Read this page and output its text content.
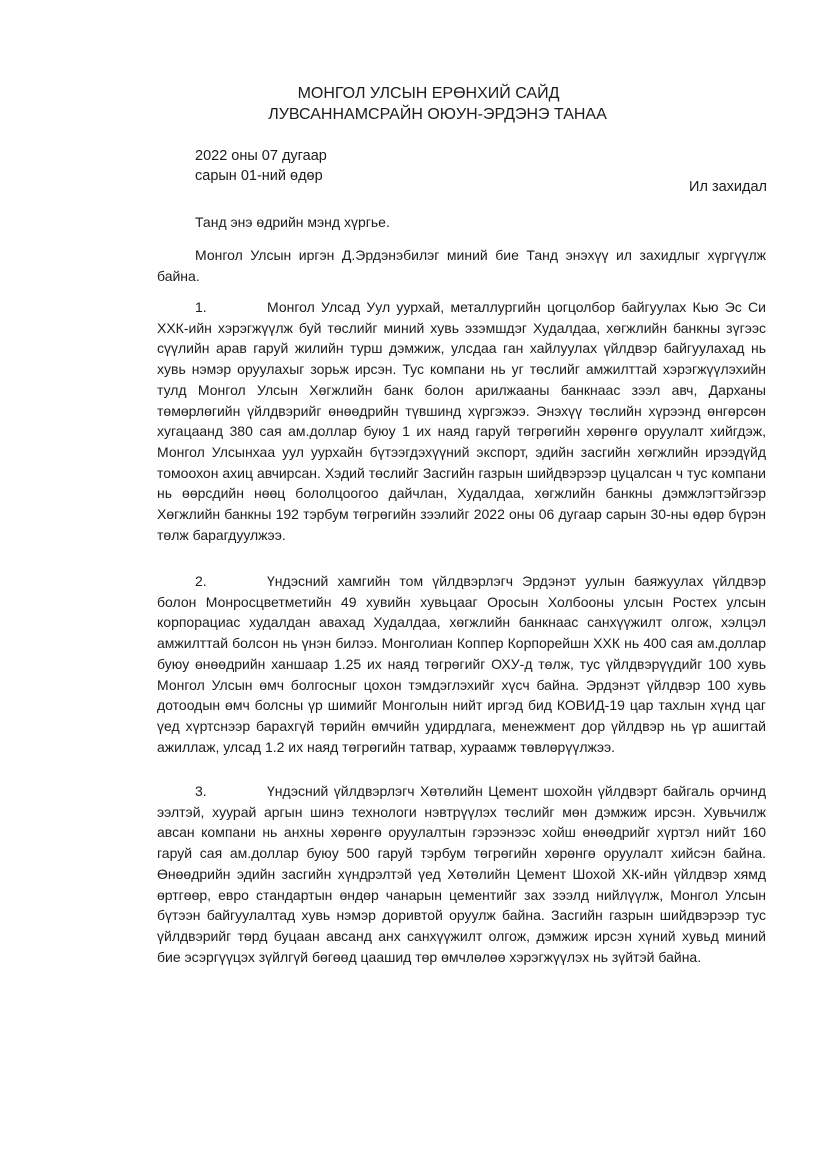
МОНГОЛ УЛСЫН ЕРӨНХИЙ САЙД
ЛУВСАННАМСРАЙН ОЮУН-ЭРДЭНЭ ТАНАА
2022 оны 07 дугаар
сарын 01-ний өдөр
Ил захидал
Танд энэ өдрийн мэнд хүргье.
Монгол Улсын иргэн Д.Эрдэнэбилэг миний бие Танд энэхүү ил захидлыг хүргүүлж байна.
1.	Монгол Улсад Уул уурхай, металлургийн цогцолбор байгуулах Кью Эс Си ХХК-ийн хэрэгжүүлж буй төслийг миний хувь эзэмшдэг Худалдаа, хөгжлийн банкны зүгээс сүүлийн арав гаруй жилийн турш дэмжиж, улсдаа ган хайлуулах үйлдвэр байгуулахад нь хувь нэмэр оруулахыг зорьж ирсэн. Тус компани нь уг төслийг амжилттай хэрэгжүүлэхийн тулд Монгол Улсын Хөгжлийн банк болон арилжааны банкнаас зээл авч, Дарханы төмөрлөгийн үйлдвэрийг өнөөдрийн түвшинд хүргэжээ. Энэхүү төслийн хүрээнд өнгөрсөн хугацаанд 380 сая ам.доллар буюу 1 их наяд гаруй төгрөгийн хөрөнгө оруулалт хийгдэж, Монгол Улсынхаа уул уурхайн бүтээгдэхүүний экспорт, эдийн засгийн хөгжлийн ирээдүйд томоохон ахиц авчирсан. Хэдий төслийг Засгийн газрын шийдвэрээр цуцалсан ч тус компани нь өөрсдийн нөөц бололцоогоо дайчлан, Худалдаа, хөгжлийн банкны дэмжлэгтэйгээр Хөгжлийн банкны 192 тэрбум төгрөгийн зээлийг 2022 оны 06 дугаар сарын 30-ны өдөр бүрэн төлж барагдуулжээ.
2.	Үндэсний хамгийн том үйлдвэрлэгч Эрдэнэт уулын баяжуулах үйлдвэр болон Монросцветметийн 49 хувийн хувьцааг Оросын Холбооны улсын Ростех улсын корпорациас худалдан авахад Худалдаа, хөгжлийн банкнаас санхүүжилт олгож, хэлцэл амжилттай болсон нь үнэн билээ. Монголиан Коппер Корпорейшн ХХК нь 400 сая ам.доллар буюу өнөөдрийн ханшаар 1.25 их наяд төгрөгийг ОХУ-д төлж, тус үйлдвэрүүдийг 100 хувь Монгол Улсын өмч болгосныг цохон тэмдэглэхийг хүсч байна. Эрдэнэт үйлдвэр 100 хувь дотоодын өмч болсны үр шимийг Монголын нийт иргэд бид КОВИД-19 цар тахлын хүнд цаг үед хүртснээр барахгүй төрийн өмчийн удирдлага, менежмент дор үйлдвэр нь үр ашигтай ажиллаж, улсад 1.2 их наяд төгрөгийн татвар, хураамж төвлөрүүлжээ.
3.	Үндэсний үйлдвэрлэгч Хөтөлийн Цемент шохойн үйлдвэрт байгаль орчинд ээлтэй, хуурай аргын шинэ технологи нэвтрүүлэх төслийг мөн дэмжиж ирсэн. Хувьчилж авсан компани нь анхны хөрөнгө оруулалтын гэрээнээс хойш өнөөдрийг хүртэл нийт 160 гаруй сая ам.доллар буюу 500 гаруй тэрбум төгрөгийн хөрөнгө оруулалт хийсэн байна. Өнөөдрийн эдийн засгийн хүндрэлтэй үед Хөтөлийн Цемент Шохой ХК-ийн үйлдвэр хямд өртгөөр, евро стандартын өндөр чанарын цементийг зах зээлд нийлүүлж, Монгол Улсын бүтээн байгуулалтад хувь нэмэр доривтой оруулж байна. Засгийн газрын шийдвэрээр тус үйлдвэрийг төрд буцаан авсанд анх санхүүжилт олгож, дэмжиж ирсэн хүний хувьд миний бие эсэргүүцэх зүйлгүй бөгөөд цаашид төр өмчлөлөө хэрэгжүүлэх нь зүйтэй байна.
